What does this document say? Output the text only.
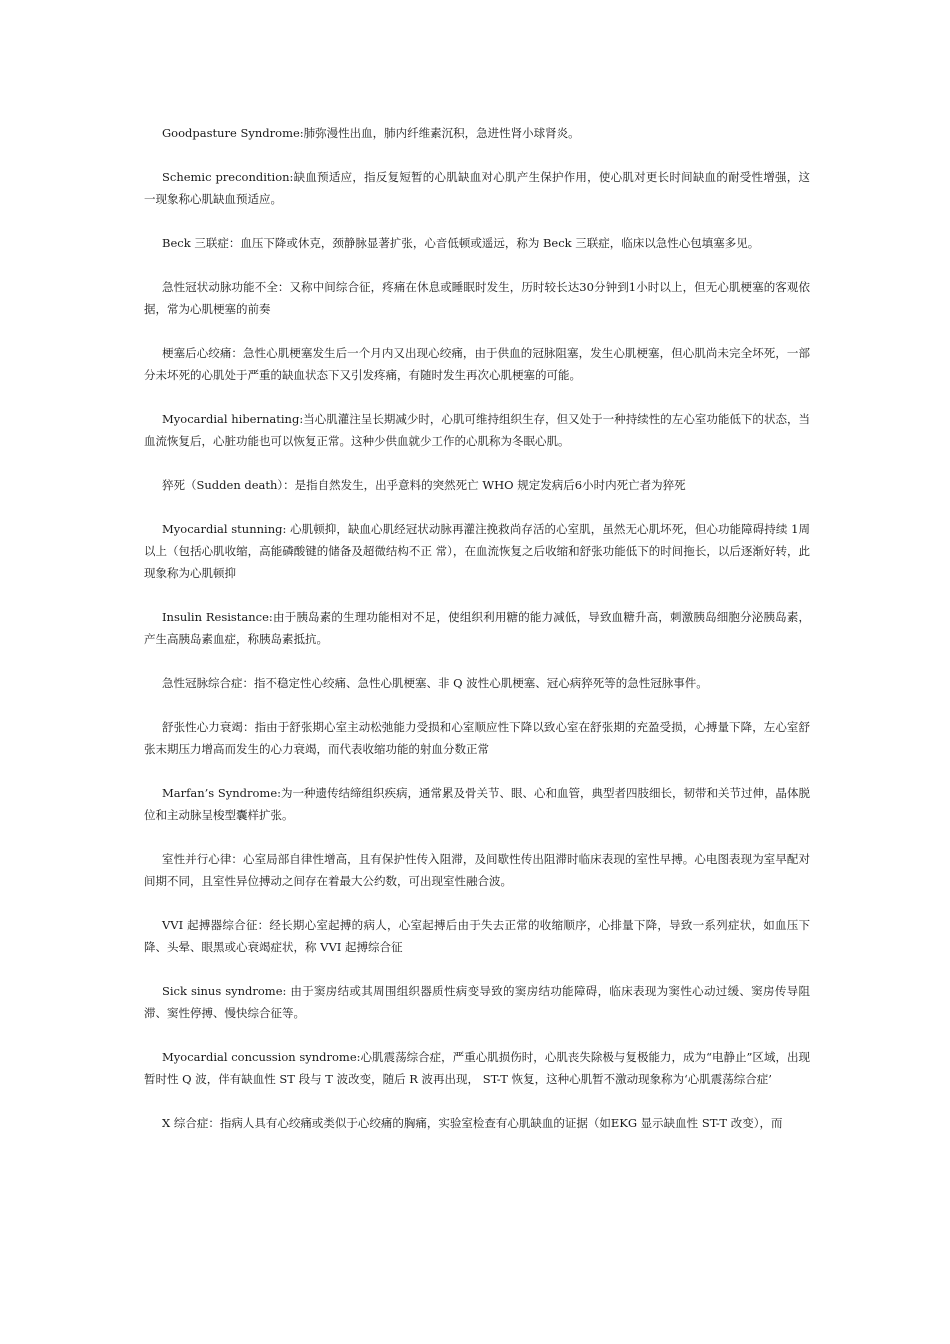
Goodpasture Syndrome:肺弥漫性出血，肺内纤维素沉积，急进性肾小球肾炎。

Schemic precondition:缺血预适应，指反复短暂的心肌缺血对心肌产生保护作用，使心肌对更长时间缺血的耐受性增强，这一现象称心肌缺血预适应。

Beck 三联症：血压下降或休克，颈静脉显著扩张，心音低顿或遥远，称为 Beck 三联症，临床以急性心包填塞多见。

急性冠状动脉功能不全：又称中间综合征，疼痛在休息或睡眠时发生，历时较长达30分钟到1小时以上，但无心肌梗塞的客观依据，常为心肌梗塞的前奏

梗塞后心绞痛：急性心肌梗塞发生后一个月内又出现心绞痛，由于供血的冠脉阻塞，发生心肌梗塞，但心肌尚未完全坏死，一部分未坏死的心肌处于严重的缺血状态下又引发疼痛，有随时发生再次心肌梗塞的可能。

Myocardial hibernating:当心肌灌注呈长期减少时，心肌可维持组织生存，但又处于一种持续性的左心室功能低下的状态，当血流恢复后，心脏功能也可以恢复正常。这种少供血就少工作的心肌称为冬眠心肌。

猝死（Sudden death）：是指自然发生，出乎意料的突然死亡 WHO 规定发病后6小时内死亡者为猝死

Myocardial stunning: 心肌顿抑，缺血心肌经冠状动脉再灌注挽救尚存活的心室肌，虽然无心肌坏死，但心功能障碍持续 1周以上（包括心肌收缩，高能磷酸键的储备及超微结构不正 常），在血流恢复之后收缩和舒张功能低下的时间拖长，以后逐渐好转，此现象称为心肌顿抑

Insulin Resistance:由于胰岛素的生理功能相对不足，使组织利用糖的能力减低，导致血糖升高，刺激胰岛细胞分泌胰岛素，产生高胰岛素血症，称胰岛素抵抗。

急性冠脉综合症：指不稳定性心绞痛、急性心肌梗塞、非 Q 波性心肌梗塞、冠心病猝死等的急性冠脉事件。

舒张性心力衰竭：指由于舒张期心室主动松弛能力受损和心室顺应性下降以致心室在舒张期的充盈受损，心搏量下降，左心室舒张末期压力增高而发生的心力衰竭，而代表收缩功能的射血分数正常

Marfan’s Syndrome:为一种遗传结缔组织疾病，通常累及骨关节、眼、心和血管，典型者四肢细长，韧带和关节过伸，晶体脱位和主动脉呈梭型囊样扩张。

室性并行心律：心室局部自律性增高，且有保护性传入阻滞，及间歇性传出阻滞时临床表现的室性早搏。心电图表现为室早配对间期不同，且室性异位搏动之间存在着最大公约数，可出现室性融合波。

VVI 起搏器综合征：经长期心室起搏的病人，心室起搏后由于失去正常的收缩顺序，心排量下降，导致一系列症状，如血压下降、头晕、眼黑或心衰竭症状，称 VVI 起搏综合征

Sick sinus syndrome: 由于窦房结或其周围组织器质性病变导致的窦房结功能障碍，临床表现为窦性心动过缓、窦房传导阻滞、窦性停搏、慢快综合征等。

Myocardial concussion syndrome:心肌震荡综合症，严重心肌损伤时，心肌丧失除极与复极能力，成为“电静止”区域，出现暂时性 Q 波，伴有缺血性 ST 段与 T 波改变，随后 R 波再出现， ST-T 恢复，这种心肌暂不激动现象称为‘心肌震荡综合症’

X 综合症：指病人具有心绞痛或类似于心绞痛的胸痛，实验室检查有心肌缺血的证据（如EKG 显示缺血性 ST-T 改变），而
